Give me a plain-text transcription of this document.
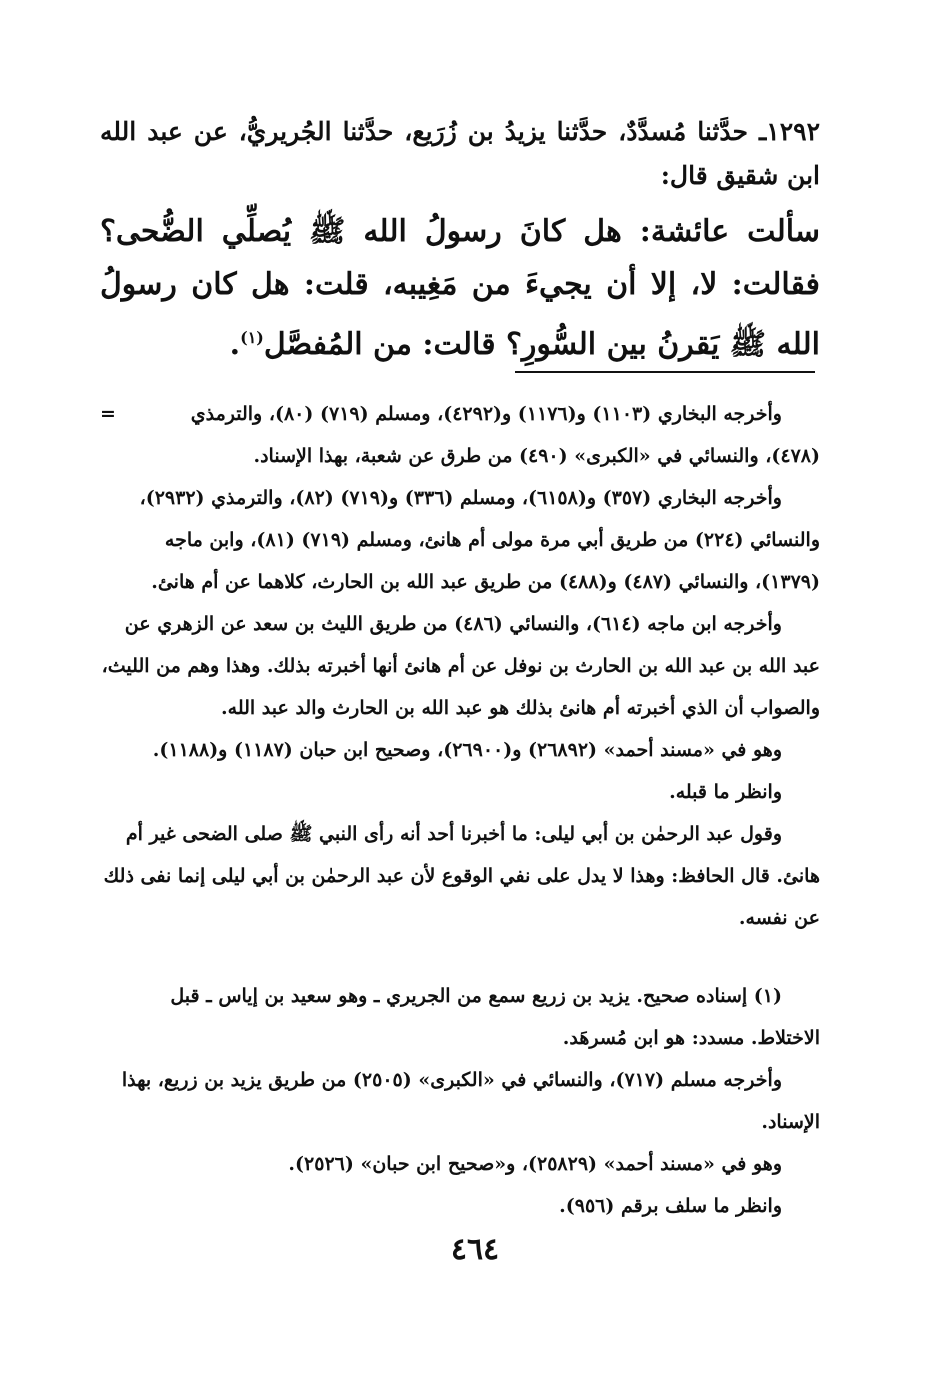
١٢٩٢ـ حدَّثنا مُسدَّدٌ، حدَّثنا يزيدُ بن زُرَيع، حدَّثنا الجُريريُّ، عن عبد الله ابن شقيق قال:
سألت عائشة: هل كانَ رسولُ الله ﷺ يُصلِّي الضُّحى؟ فقالت: لا، إلا أن يجيءَ من مَغِيبه، قلت: هل كان رسولُ الله ﷺ يَقرنُ بين السُّورِ؟ قالت: من المُفصَّل$^{(١)}$.

=	وأخرجه البخاري (١١٠٣) و(١١٧٦) و(٤٢٩٢)، ومسلم (٧١٩) (٨٠)، والترمذي (٤٧٨)، والنسائي في «الكبرى» (٤٩٠) من طرق عن شعبة، بهذا الإسناد.

وأخرجه البخاري (٣٥٧) و(٦١٥٨)، ومسلم (٣٣٦) و(٧١٩) (٨٢)، والترمذي (٢٩٣٢)، والنسائي (٢٢٤) من طريق أبي مرة مولى أم هانئ، ومسلم (٧١٩) (٨١)، وابن ماجه (١٣٧٩)، والنسائي (٤٨٧) و(٤٨٨) من طريق عبد الله بن الحارث، كلاهما عن أم هانئ.

وأخرجه ابن ماجه (٦١٤)، والنسائي (٤٨٦) من طريق الليث بن سعد عن الزهري عن عبد الله بن عبد الله بن الحارث بن نوفل عن أم هانئ أنها أخبرته بذلك. وهذا وهم من الليث، والصواب أن الذي أخبرته أم هانئ بذلك هو عبد الله بن الحارث والد عبد الله.

وهو في «مسند أحمد» (٢٦٨٩٢) و(٢٦٩٠٠)، وصحيح ابن حبان (١١٨٧) و(١١٨٨).

وانظر ما قبله.

وقول عبد الرحمٰن بن أبي ليلى: ما أخبرنا أحد أنه رأى النبي ﷺ صلى الضحى غير أم هانئ. قال الحافظ: وهذا لا يدل على نفي الوقوع لأن عبد الرحمٰن بن أبي ليلى إنما نفى ذلك عن نفسه.

(١) إسناده صحيح. يزيد بن زريع سمع من الجريري ـ وهو سعيد بن إياس ـ قبل الاختلاط. مسدد: هو ابن مُسرهَد.

وأخرجه مسلم (٧١٧)، والنسائي في «الكبرى» (٢٥٠٥) من طريق يزيد بن زريع، بهذا الإسناد.

وهو في «مسند أحمد» (٢٥٨٢٩)، و«صحيح ابن حبان» (٢٥٢٦).

وانظر ما سلف برقم (٩٥٦).

٤٦٤
